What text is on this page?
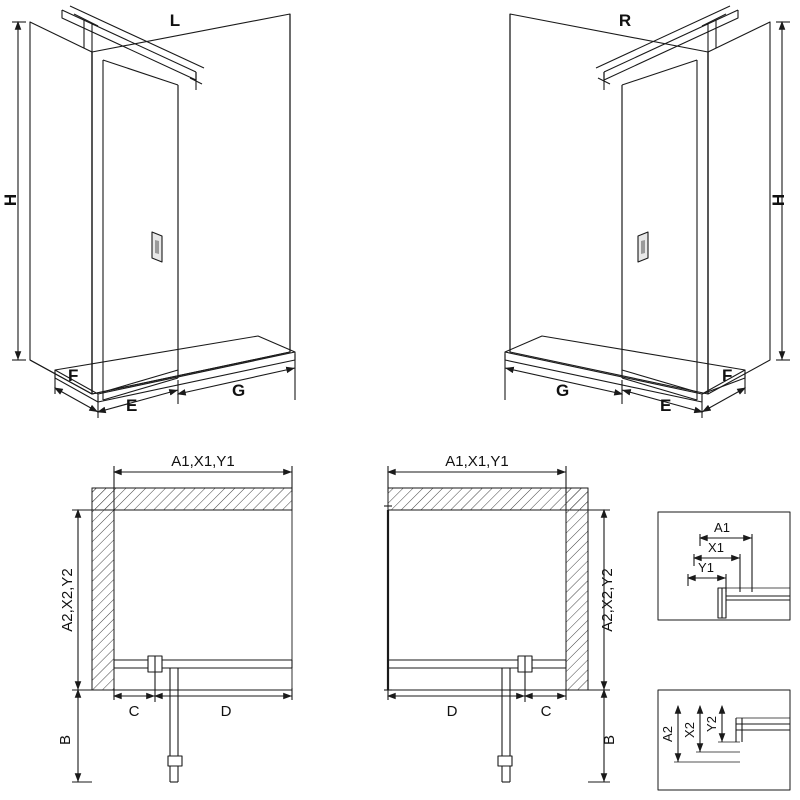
H
F
E
G
L
H
F
E
G
R
A1,X1,Y1
A2,X2,Y2
C	D
B
A1,X1,Y1
A2,X2,Y2
D	C
B
A1
X1
Y1
A2 X2 Y2
